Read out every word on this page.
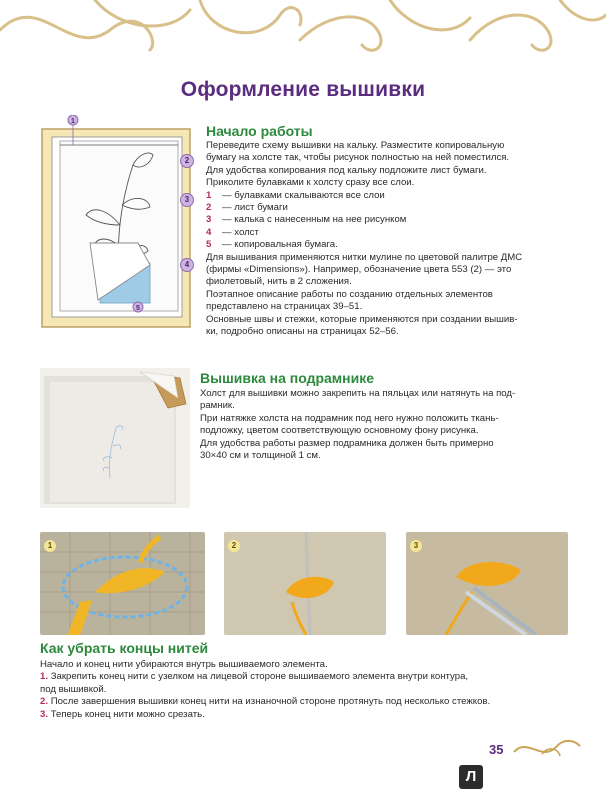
Оформление вышивки
1
5
2
3
4
Начало работы

Переведите схему вышивки на кальку. Разместите копировальную

бумагу на холсте так, чтобы рисунок полностью на ней поместился.

Для удобства копирования под кальку подложите лист бумаги.

Приколите булавками к холсту сразу все слои.

1	— булавками скалываются все слои
2	— лист бумаги
3	— калька с нанесенным на нее рисунком
4	— холст
5	— копировальная бумага.

Для вышивания применяются нитки мулине по цветовой палитре ДМС

(фирмы «Dimensions»). Например, обозначение цвета 553 (2) — это

фиолетовый, нить в 2 сложения.

Поэтапное описание работы по созданию отдельных элементов

представлено на страницах 39–51.

Основные швы и стежки, которые применяются при создании вышив-

ки, подробно описаны на страницах 52–56.

Вышивка на подрамнике

Холст для вышивки можно закрепить на пяльцах или натянуть на под-

рамник.

При натяжке холста на подрамник под него нужно положить ткань-

подложку, цветом соответствующую основному фону рисунка.

Для удобства работы размер подрамника должен быть примерно

30×40 см и толщиной 1 см.

1	2	3
Как убрать концы нитей

Начало и конец нити убираются внутрь вышиваемого элемента.

1. Закрепить конец нити с узелком на лицевой стороне вышиваемого элемента внутри контура,

под вышивкой.

2. После завершения вышивки конец нити на изнаночной стороне протянуть под несколько стежков.

3. Теперь конец нити можно срезать.

35
Л
